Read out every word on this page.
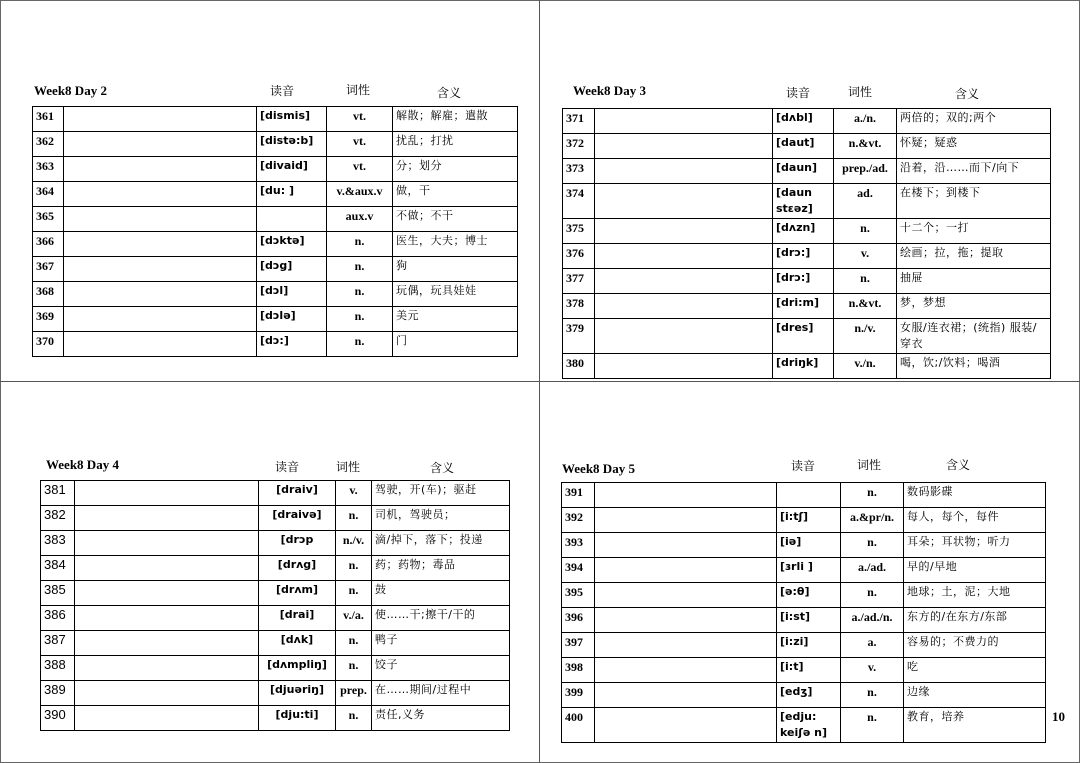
Week8 Day 2	读音	词性	含义
361		[dismis]	vt.	解散；解雇；遣散
362		[distə:b]	vt.	扰乱；打扰
363		[divaid]	vt.	分；划分
364		[du: ]	v.&aux.v	做，干
365			aux.v	不做；不干
366		[dɔktə]	n.	医生，大夫；博士
367		[dɔg]	n.	狗
368		[dɔl]	n.	玩偶，玩具娃娃
369		[dɔlə]	n.	美元
370		[dɔ:]	n.	门
Week8 Day 3	读音	词性	含义
371		[dʌbl]	a./n.	两倍的；双的;两个
372		[daut]	n.&vt.	怀疑；疑惑
373		[daun]	prep./ad.	沿着，沿……而下/向下
374		[daun stɛəz]	ad.	在楼下；到楼下
375		[dʌzn]	n.	十二个；一打
376		[drɔ:]	v.	绘画；拉，拖；提取
377		[drɔ:]	n.	抽屉
378		[dri:m]	n.&vt.	梦，梦想
379		[dres]	n./v.	女服/连衣裙；(统指) 服装/穿衣
380		[driŋk]	v./n.	喝，饮;/饮料；喝酒
Week8 Day 4	读音	词性	含义
381		[draiv]	v.	驾驶，开(车)；驱赶
382		[draivə]	n.	司机，驾驶员；
383		[drɔp	n./v.	滴/掉下，落下；投递
384		[drʌg]	n.	药；药物；毒品
385		[drʌm]	n.	鼓
386		[drai]	v./a.	使……干;擦干/干的
387		[dʌk]	n.	鸭子
388		[dʌmpliŋ]	n.	饺子
389		[djuəriŋ]	prep.	在……期间/过程中
390		[dju:ti]	n.	责任,义务
Week8 Day 5	读音	词性	含义
391			n.	数码影碟
392		[i:tʃ]	a.&pr/n.	每人，每个，每件
393		[iə]	n.	耳朵；耳状物；听力
394		[ɜrli ]	a./ad.	早的/早地
395		[ə:θ]	n.	地球；土，泥；大地
396		[i:st]	a./ad./n.	东方的/在东方/东部
397		[i:zi]	a.	容易的；不费力的
398		[i:t]	v.	吃
399		[edʒ]	n.	边缘
400		[edju: keiʃə n]	n.	教育，培养	10
